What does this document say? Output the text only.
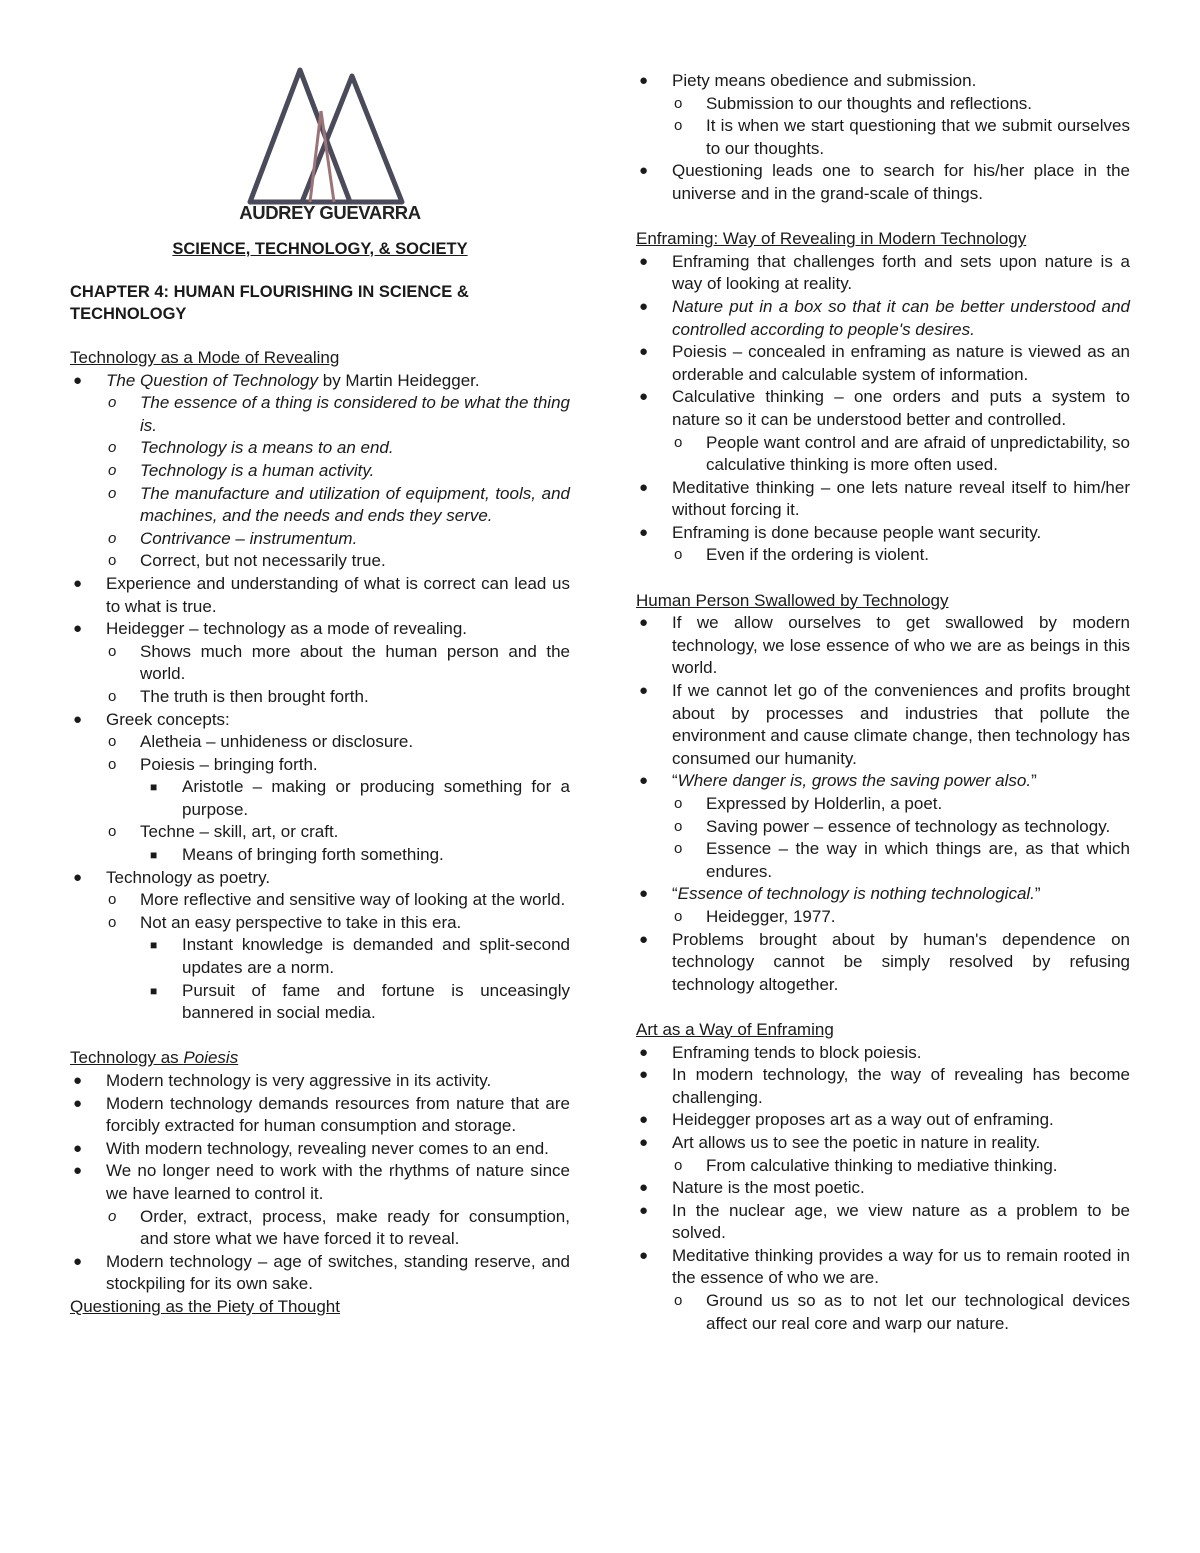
AUDREY GUEVARRA
SCIENCE, TECHNOLOGY, & SOCIETY
CHAPTER 4: HUMAN FLOURISHING IN SCIENCE & TECHNOLOGY
Technology as a Mode of Revealing
● The Question of Technology by Martin Heidegger.
o The essence of a thing is considered to be what the thing is.
o Technology is a means to an end.
o Technology is a human activity.
o The manufacture and utilization of equipment, tools, and machines, and the needs and ends they serve.
o Contrivance – instrumentum.
o Correct, but not necessarily true.
● Experience and understanding of what is correct can lead us to what is true.
● Heidegger – technology as a mode of revealing.
o Shows much more about the human person and the world.
o The truth is then brought forth.
● Greek concepts:
o Aletheia – unhideness or disclosure.
o Poiesis – bringing forth.
■ Aristotle – making or producing something for a purpose.
o Techne – skill, art, or craft.
■ Means of bringing forth something.
● Technology as poetry.
o More reflective and sensitive way of looking at the world.
o Not an easy perspective to take in this era.
■ Instant knowledge is demanded and split-second updates are a norm.
■ Pursuit of fame and fortune is unceasingly bannered in social media.
Technology as Poiesis
● Modern technology is very aggressive in its activity.
● Modern technology demands resources from nature that are forcibly extracted for human consumption and storage.
● With modern technology, revealing never comes to an end.
● We no longer need to work with the rhythms of nature since we have learned to control it.
o Order, extract, process, make ready for consumption, and store what we have forced it to reveal.
● Modern technology – age of switches, standing reserve, and stockpiling for its own sake.
Questioning as the Piety of Thought
● Piety means obedience and submission.
o Submission to our thoughts and reflections.
o It is when we start questioning that we submit ourselves to our thoughts.
● Questioning leads one to search for his/her place in the universe and in the grand-scale of things.
Enframing: Way of Revealing in Modern Technology
● Enframing that challenges forth and sets upon nature is a way of looking at reality.
● Nature put in a box so that it can be better understood and controlled according to people's desires.
● Poiesis – concealed in enframing as nature is viewed as an orderable and calculable system of information.
● Calculative thinking – one orders and puts a system to nature so it can be understood better and controlled.
o People want control and are afraid of unpredictability, so calculative thinking is more often used.
● Meditative thinking – one lets nature reveal itself to him/her without forcing it.
● Enframing is done because people want security.
o Even if the ordering is violent.
Human Person Swallowed by Technology
● If we allow ourselves to get swallowed by modern technology, we lose essence of who we are as beings in this world.
● If we cannot let go of the conveniences and profits brought about by processes and industries that pollute the environment and cause climate change, then technology has consumed our humanity.
● “Where danger is, grows the saving power also.”
o Expressed by Holderlin, a poet.
o Saving power – essence of technology as technology.
o Essence – the way in which things are, as that which endures.
● “Essence of technology is nothing technological.”
o Heidegger, 1977.
● Problems brought about by human's dependence on technology cannot be simply resolved by refusing technology altogether.
Art as a Way of Enframing
● Enframing tends to block poiesis.
● In modern technology, the way of revealing has become challenging.
● Heidegger proposes art as a way out of enframing.
● Art allows us to see the poetic in nature in reality.
o From calculative thinking to mediative thinking.
● Nature is the most poetic.
● In the nuclear age, we view nature as a problem to be solved.
● Meditative thinking provides a way for us to remain rooted in the essence of who we are.
o Ground us so as to not let our technological devices affect our real core and warp our nature.
